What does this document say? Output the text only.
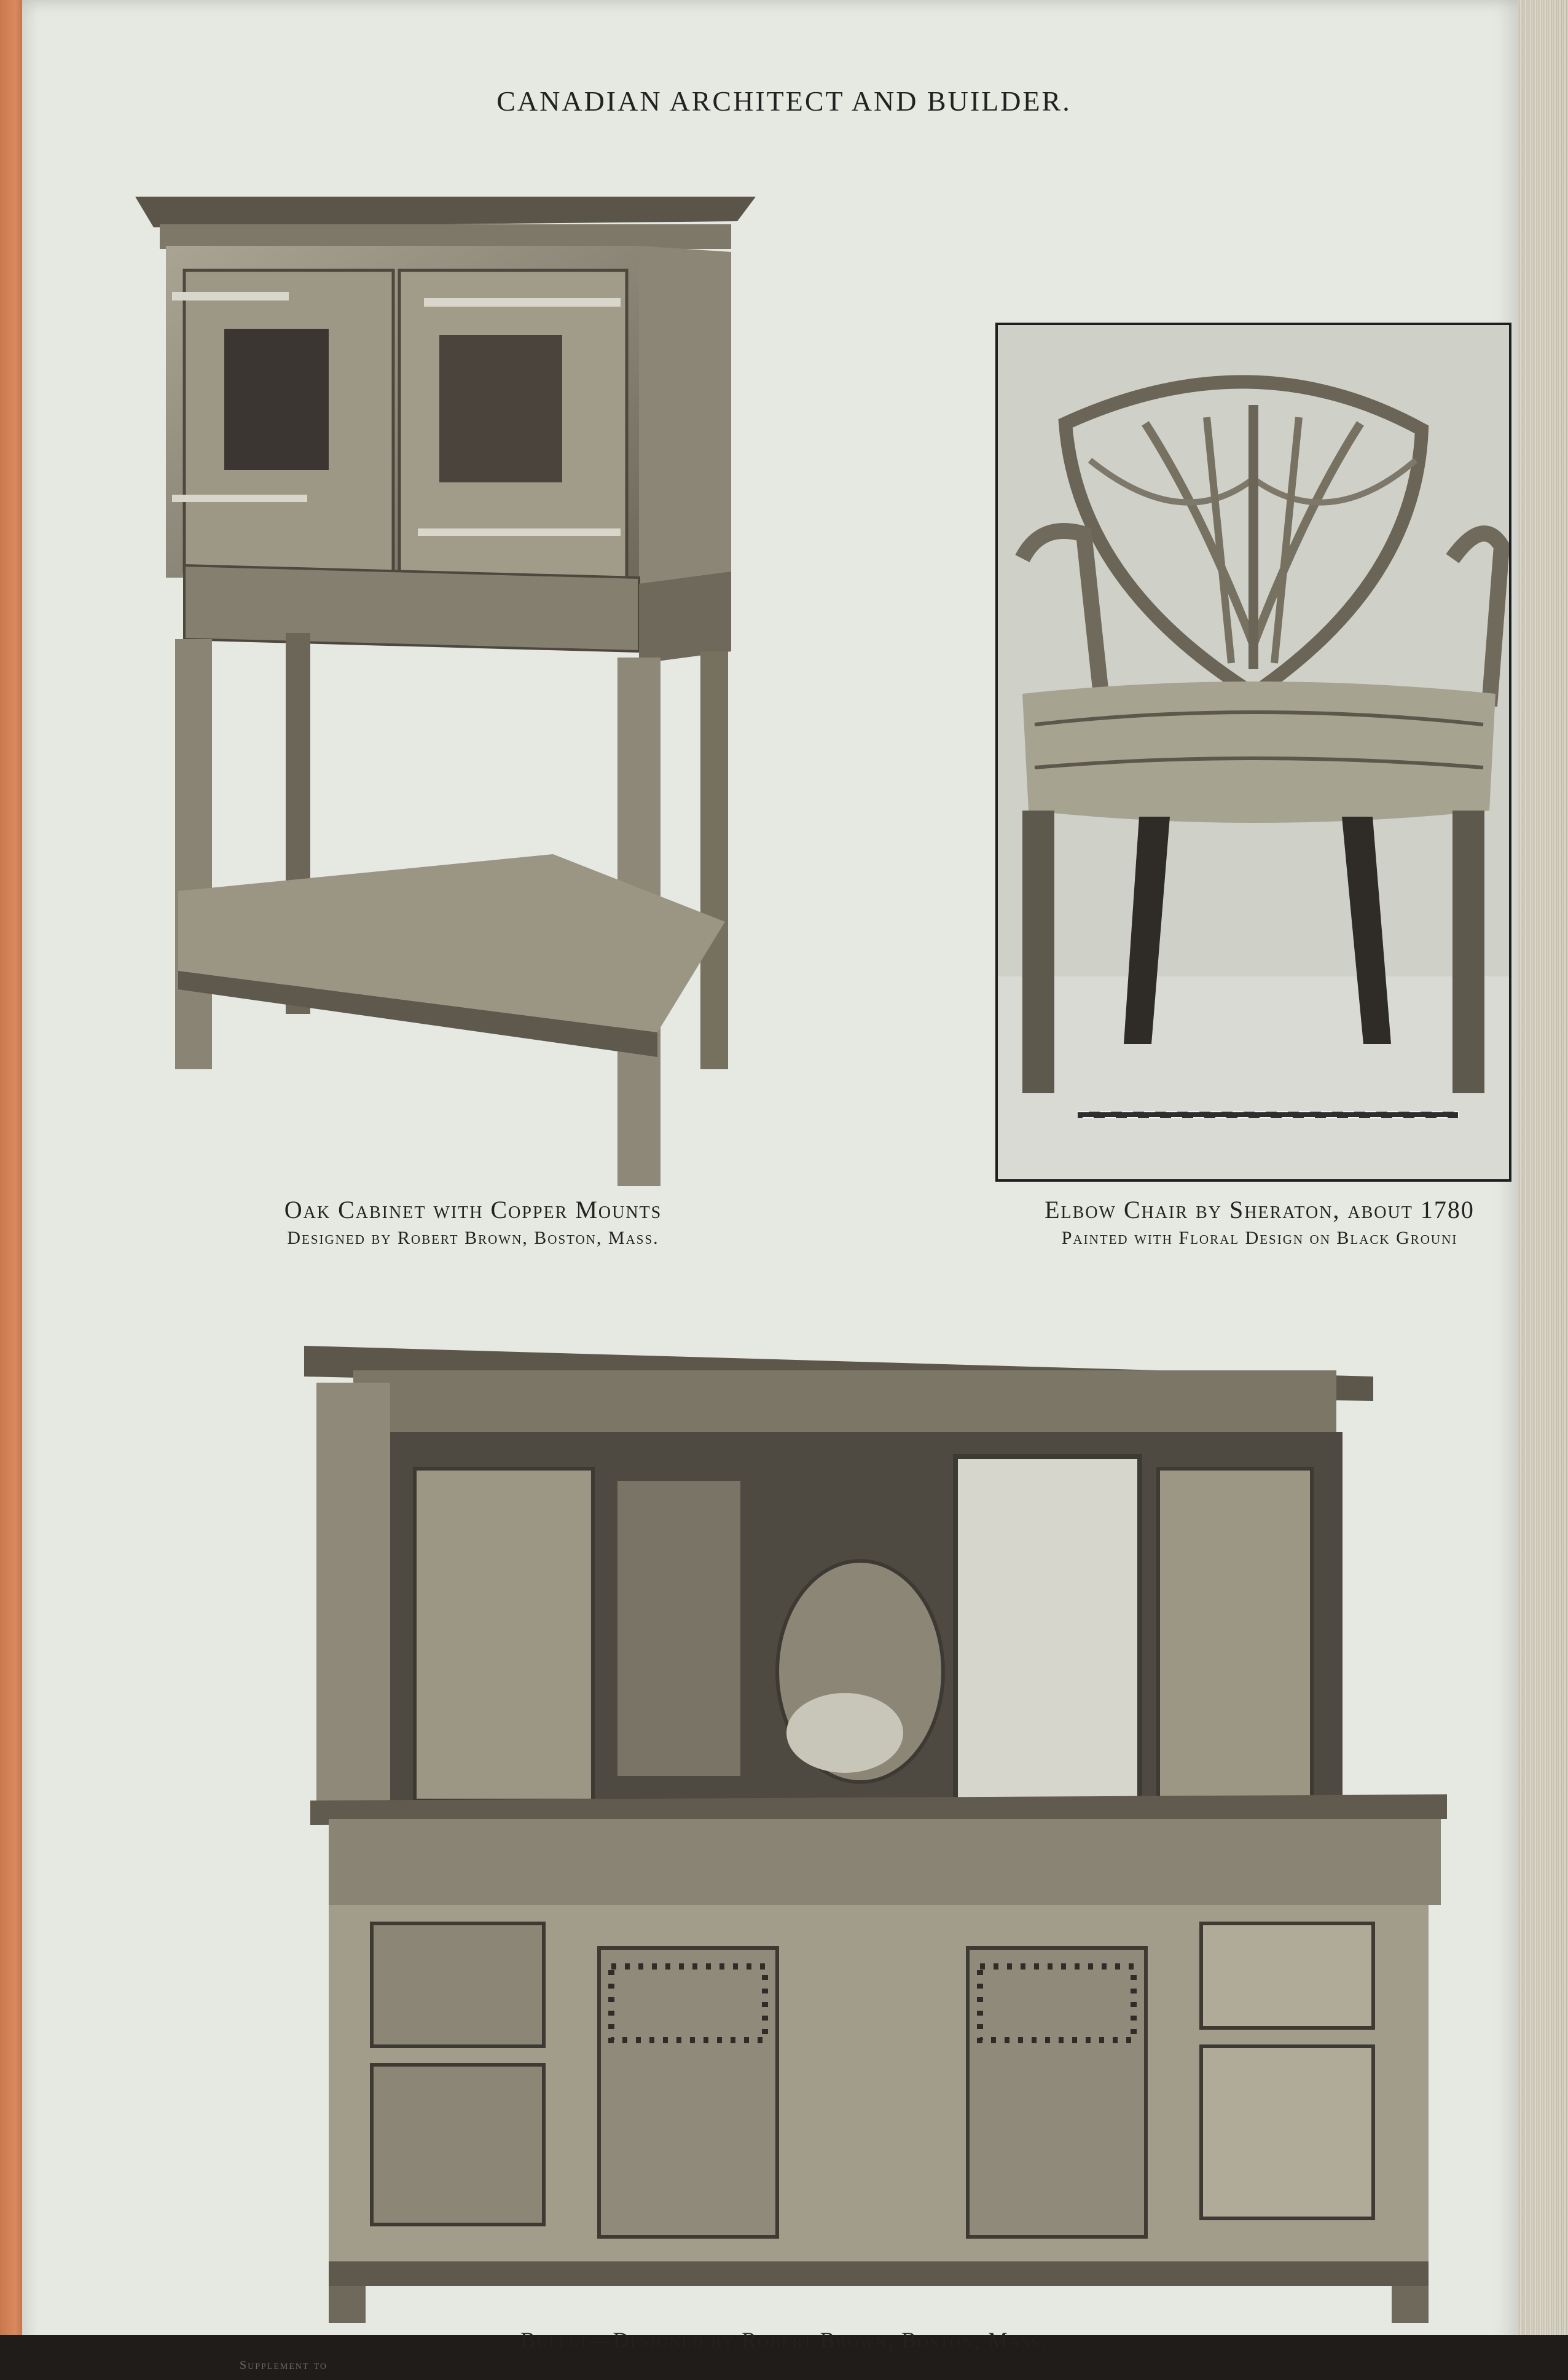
CANADIAN ARCHITECT AND BUILDER.
Oak Cabinet with Copper Mounts
Designed by Robert Brown, Boston, Mass.
Elbow Chair by Sheraton, about 1780
Painted with Floral Design on Black Grouni
Buffet—Designed by Robert Brown, Boston, Mass.
Supplement to
